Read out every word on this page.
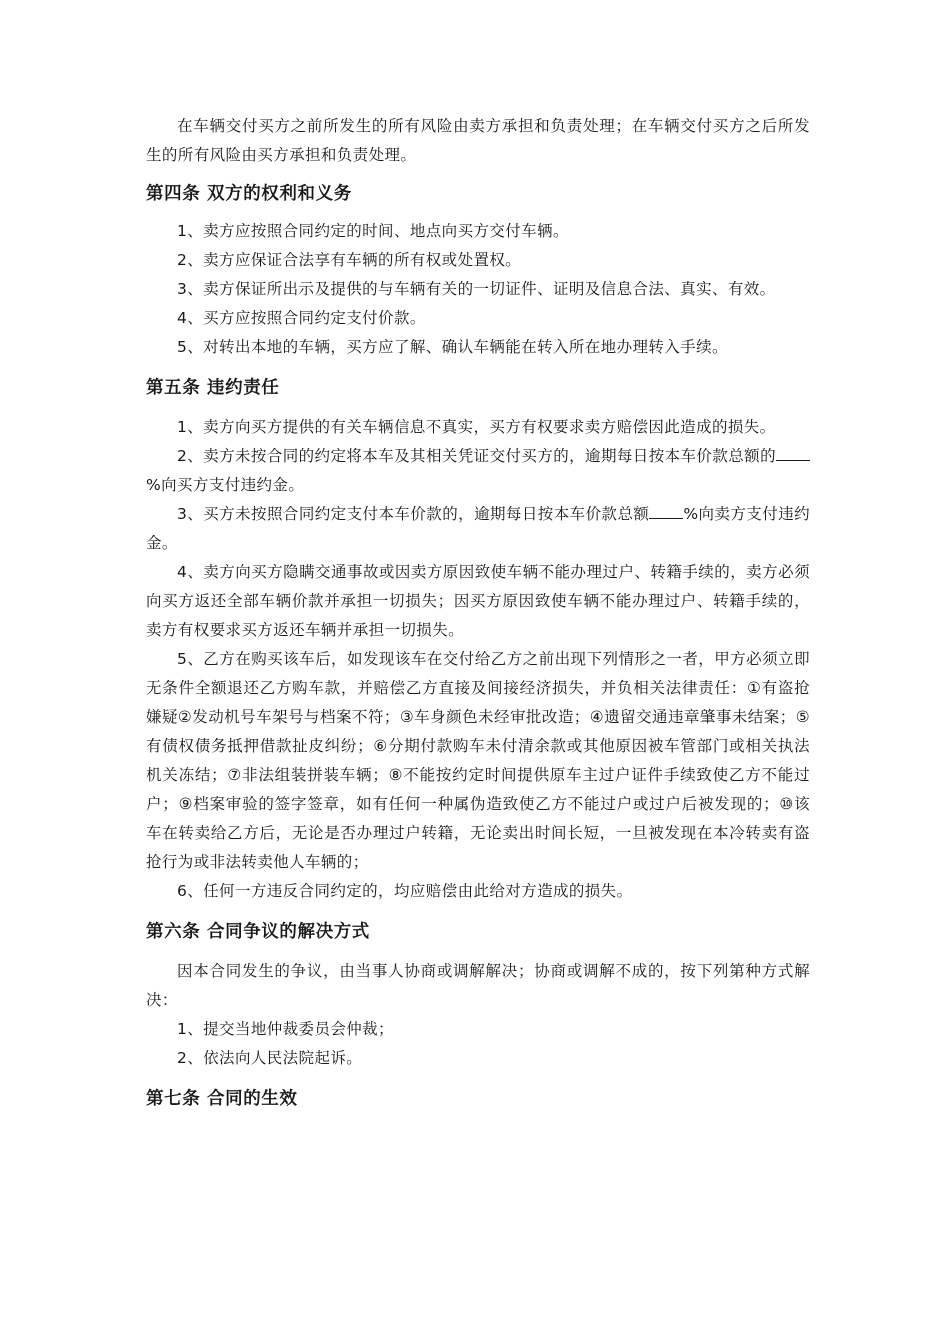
在车辆交付买方之前所发生的所有风险由卖方承担和负责处理；在车辆交付买方之后所发生的所有风险由买方承担和负责处理。

第四条 双方的权利和义务

1、卖方应按照合同约定的时间、地点向买方交付车辆。

2、卖方应保证合法享有车辆的所有权或处置权。

3、卖方保证所出示及提供的与车辆有关的一切证件、证明及信息合法、真实、有效。

4、买方应按照合同约定支付价款。

5、对转出本地的车辆，买方应了解、确认车辆能在转入所在地办理转入手续。

第五条 违约责任

1、卖方向买方提供的有关车辆信息不真实，买方有权要求卖方赔偿因此造成的损失。

2、卖方未按合同的约定将本车及其相关凭证交付买方的，逾期每日按本车价款总额的%向买方支付违约金。

3、买方未按照合同约定支付本车价款的，逾期每日按本车价款总额 %向卖方支付违约金。

4、卖方向买方隐瞒交通事故或因卖方原因致使车辆不能办理过户、转籍手续的，卖方必须向买方返还全部车辆价款并承担一切损失；因买方原因致使车辆不能办理过户、转籍手续的，卖方有权要求买方返还车辆并承担一切损失。

5、乙方在购买该车后，如发现该车在交付给乙方之前出现下列情形之一者，甲方必须立即无条件全额退还乙方购车款，并赔偿乙方直接及间接经济损失，并负相关法律责任：①有盗抢嫌疑②发动机号车架号与档案不符；③车身颜色未经审批改造；④遗留交通违章肇事未结案；⑤有债权债务抵押借款扯皮纠纷；⑥分期付款购车未付清余款或其他原因被车管部门或相关执法机关冻结；⑦非法组装拼装车辆；⑧不能按约定时间提供原车主过户证件手续致使乙方不能过户；⑨档案审验的签字签章，如有任何一种属伪造致使乙方不能过户或过户后被发现的；⑩该车在转卖给乙方后，无论是否办理过户转籍，无论卖出时间长短，一旦被发现在本冷转卖有盗抢行为或非法转卖他人车辆的；

6、任何一方违反合同约定的，均应赔偿由此给对方造成的损失。

第六条 合同争议的解决方式

因本合同发生的争议，由当事人协商或调解解决；协商或调解不成的，按下列第种方式解决：

1、提交当地仲裁委员会仲裁；

2、依法向人民法院起诉。

第七条 合同的生效
